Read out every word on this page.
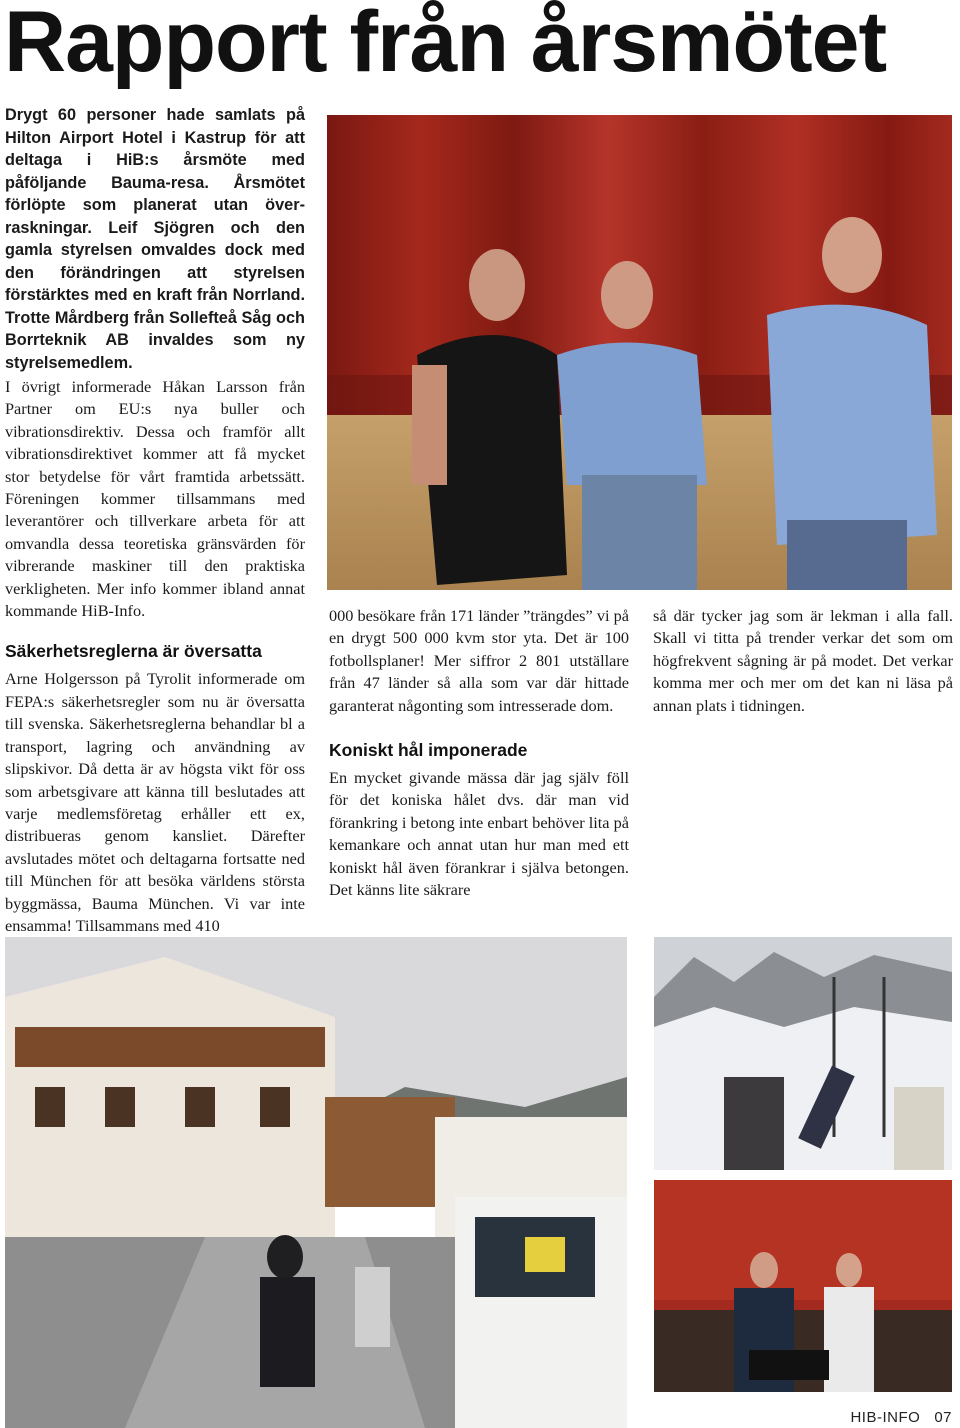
Rapport från årsmötet

Drygt 60 personer hade samlats på Hilton Airport Hotel i Kastrup för att deltaga i HiB:s årsmöte med påföljande Bauma-resa. Årsmötet förlöpte som planerat utan överraskningar. Leif Sjögren och den gamla styrelsen omvaldes dock med den förändringen att styrelsen förstärktes med en kraft från Norrland. Trotte Mårdberg från Sollefteå Såg och Borrteknik AB invaldes som ny styrelsemedlem.

I övrigt informerade Håkan Larsson från Partner om EU:s nya buller och vibrationsdirektiv. Dessa och framför allt vibrationsdirektivet kommer att få mycket stor betydelse för vårt framtida arbetssätt. Föreningen kommer tillsammans med leverantörer och tillverkare arbeta för att omvandla dessa teoretiska gränsvärden för vibrerande maskiner till den praktiska verkligheten. Mer info kommer ibland annat kommande HiB-Info.

Säkerhetsreglerna är översatta

Arne Holgersson på Tyrolit informerade om FEPA:s säkerhetsregler som nu är översatta till svenska. Säkerhetsreglerna behandlar bl a transport, lagring och användning av slipskivor. Då detta är av högsta vikt för oss som arbetsgivare att känna till beslutades att varje medlemsföretag erhåller ett ex, distribueras genom kansliet. Därefter avslutades mötet och deltagarna fortsatte ned till München för att besöka världens största byggmässa, Bauma München. Vi var inte ensamma! Tillsammans med 410

000 besökare från 171 länder ”trängdes” vi på en drygt 500 000 kvm stor yta. Det är 100 fotbollsplaner! Mer siffror 2 801 utställare från 47 länder så alla som var där hittade garanterat någonting som intresserade dom.

Koniskt hål imponerade

En mycket givande mässa där jag själv föll för det koniska hålet dvs. där man vid förankring i betong inte enbart behöver lita på kemankare och annat utan hur man med ett koniskt hål även förankrar i själva betongen. Det känns lite säkrare

så där tycker jag som är lekman i alla fall. Skall vi titta på trender verkar det som om högfrekvent sågning är på modet. Det verkar komma mer och mer om det kan ni läsa på annan plats i tidningen.

HIB-INFO 07
